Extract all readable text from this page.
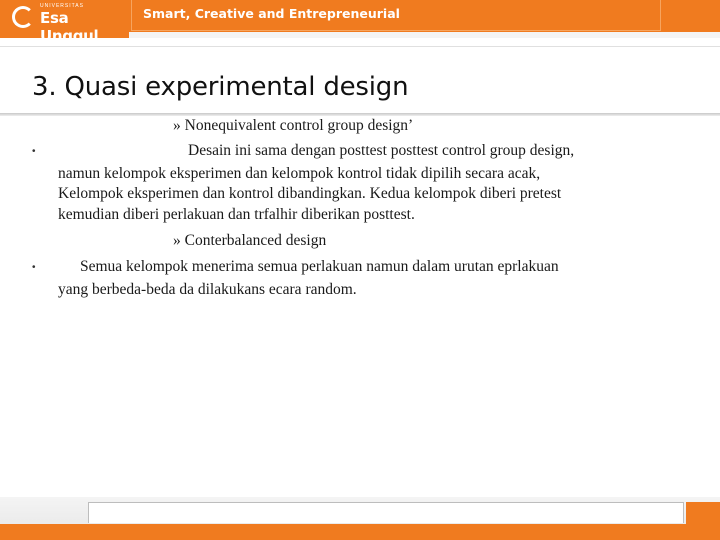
UNIVERSITAS
Esa Unggul
Smart, Creative and Entrepreneurial
3. Quasi experimental design

» Nonequivalent control group design’

•	Desain ini sama dengan posttest posttest control group design,

namun kelompok eksperimen dan kelompok kontrol tidak dipilih secara acak,

Kelompok eksperimen dan kontrol dibandingkan. Kedua kelompok diberi pretest

kemudian diberi perlakuan dan trfalhir diberikan posttest.

» Conterbalanced design

•	Semua kelompok menerima semua perlakuan namun dalam urutan eprlakuan

yang berbeda-beda da dilakukans ecara random.
